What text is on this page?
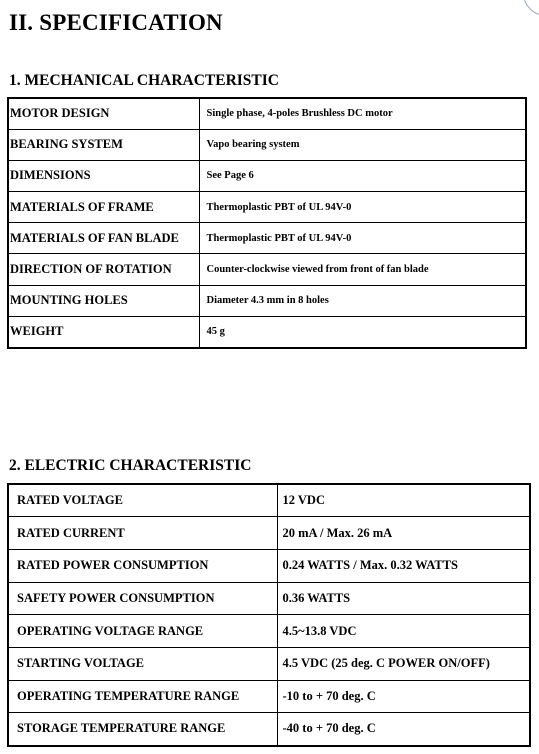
II. SPECIFICATION
1. MECHANICAL CHARACTERISTIC
MOTOR DESIGN	Single phase, 4-poles Brushless DC motor
BEARING SYSTEM	Vapo bearing system
DIMENSIONS	See Page 6
MATERIALS OF FRAME	Thermoplastic PBT of UL 94V-0
MATERIALS OF FAN BLADE	Thermoplastic PBT of UL 94V-0
DIRECTION OF ROTATION	Counter-clockwise viewed from front of fan blade
MOUNTING HOLES	Diameter 4.3 mm in 8 holes
WEIGHT	45 g
2. ELECTRIC CHARACTERISTIC
RATED VOLTAGE	12 VDC
RATED CURRENT	20 mA / Max. 26 mA
RATED POWER CONSUMPTION	0.24 WATTS / Max. 0.32 WATTS
SAFETY POWER CONSUMPTION	0.36 WATTS
OPERATING VOLTAGE RANGE	4.5~13.8 VDC
STARTING VOLTAGE	4.5 VDC (25 deg. C POWER ON/OFF)
OPERATING TEMPERATURE RANGE	-10 to + 70 deg. C
STORAGE TEMPERATURE RANGE	-40 to + 70 deg. C
